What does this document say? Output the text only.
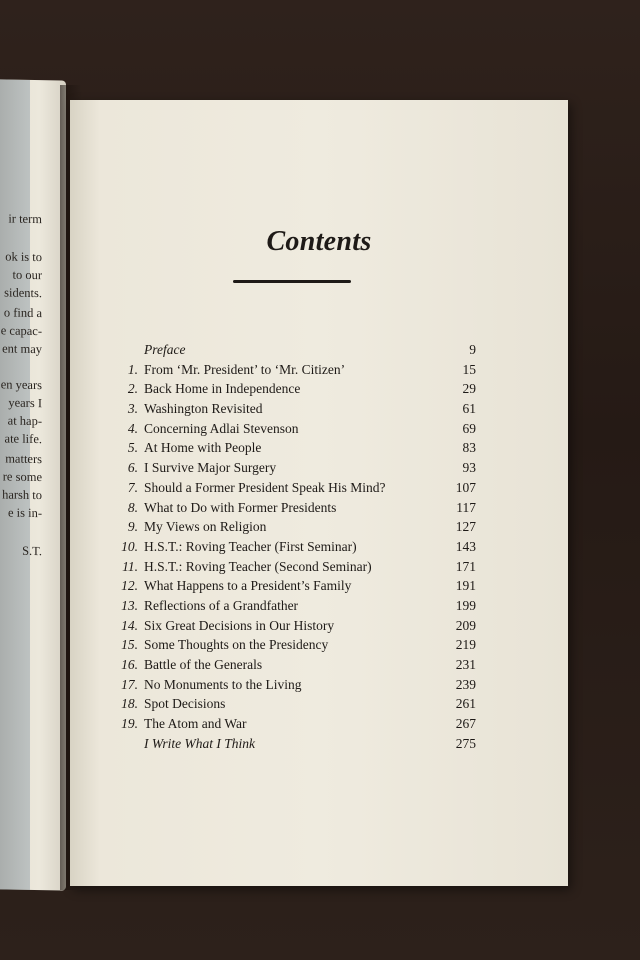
ir term
ok is to
to our
sidents.
o find a
e capac-
ent may
en years
years I
at hap-
ate life.
matters
re some
harsh to
e is in-
S.T.
Contents
Preface	9
1. From ‘Mr. President’ to ‘Mr. Citizen’	15
2. Back Home in Independence	29
3. Washington Revisited	61
4. Concerning Adlai Stevenson	69
5. At Home with People	83
6. I Survive Major Surgery	93
7. Should a Former President Speak His Mind?	107
8. What to Do with Former Presidents	117
9. My Views on Religion	127
10. H.S.T.: Roving Teacher (First Seminar)	143
11. H.S.T.: Roving Teacher (Second Seminar)	171
12. What Happens to a President’s Family	191
13. Reflections of a Grandfather	199
14. Six Great Decisions in Our History	209
15. Some Thoughts on the Presidency	219
16. Battle of the Generals	231
17. No Monuments to the Living	239
18. Spot Decisions	261
19. The Atom and War	267
I Write What I Think	275
